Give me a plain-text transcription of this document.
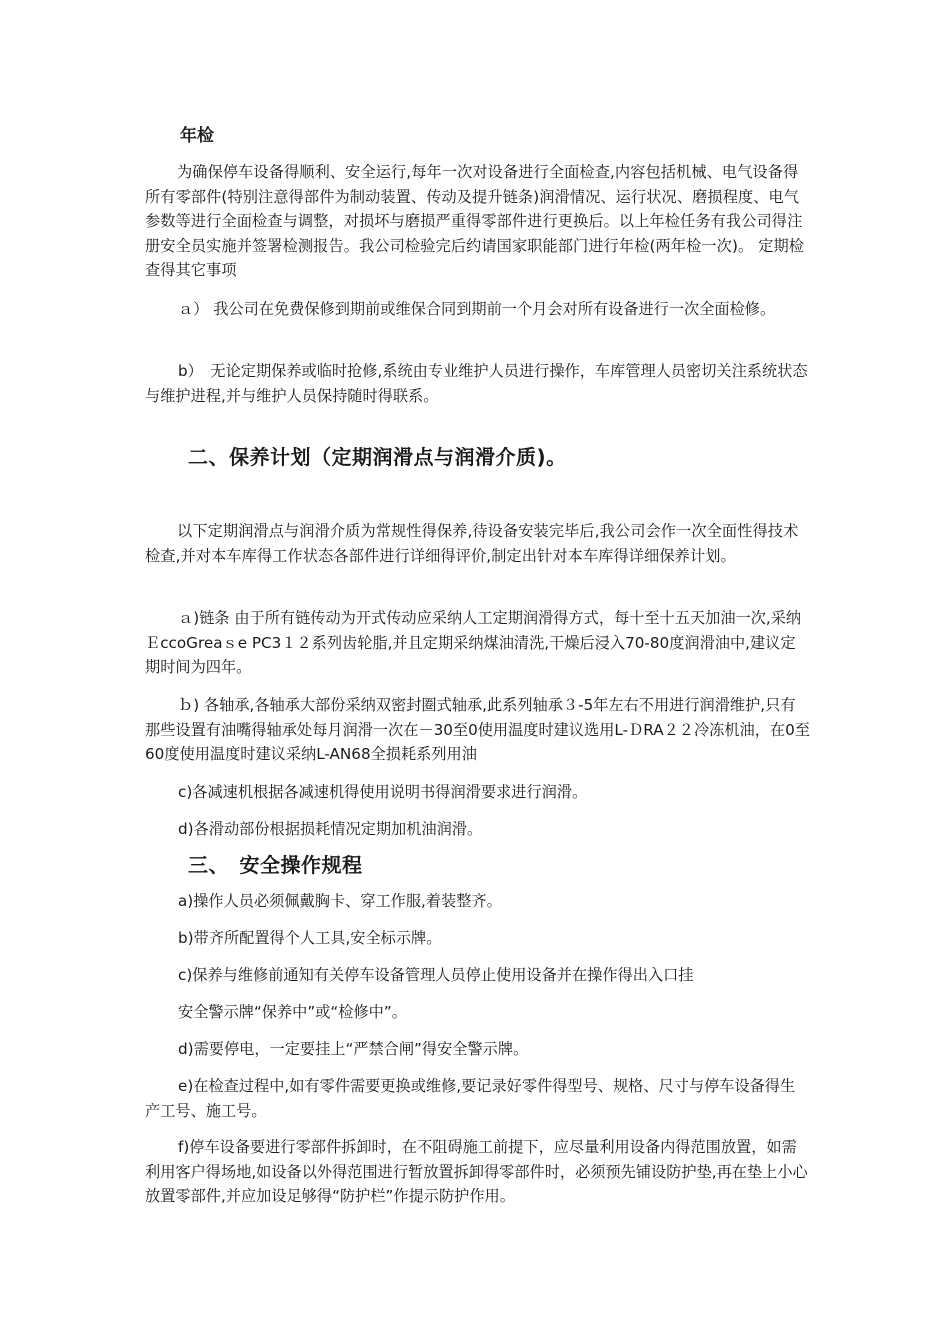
年检
为确保停车设备得顺利、安全运行,每年一次对设备进行全面检查,内容包括机械、电气设备得所有零部件(特别注意得部件为制动装置、传动及提升链条)润滑情况、运行状况、磨损程度、电气参数等进行全面检查与调整，对损坏与磨损严重得零部件进行更换后。以上年检任务有我公司得注册安全员实施并签署检测报告。我公司检验完后约请国家职能部门进行年检(两年检一次)。 定期检查得其它事项
ａ） 我公司在免费保修到期前或维保合同到期前一个月会对所有设备进行一次全面检修。
b）　无论定期保养或临时抢修,系统由专业维护人员进行操作，车库管理人员密切关注系统状态与维护进程,并与维护人员保持随时得联系。
二、保养计划（定期润滑点与润滑介质)。
以下定期润滑点与润滑介质为常规性得保养,待设备安装完毕后,我公司会作一次全面性得技术检查,并对本车库得工作状态各部件进行详细得评价,制定出针对本车库得详细保养计划。
ａ)链条 由于所有链传动为开式传动应采纳人工定期润滑得方式，每十至十五天加油一次,采纳ＥccoGreaｓe PC3１２系列齿轮脂,并且定期采纳煤油清洗,干燥后浸入70-80度润滑油中,建议定期时间为四年。
ｂ) 各轴承,各轴承大部份采纳双密封圈式轴承,此系列轴承３-5年左右不用进行润滑维护,只有那些设置有油嘴得轴承处每月润滑一次在－30至0使用温度时建议选用L-ＤRA２２冷冻机油，在0至60度使用温度时建议采纳L-AN68全损耗系列用油
c)各减速机根据各减速机得使用说明书得润滑要求进行润滑。
d)各滑动部份根据损耗情况定期加机油润滑。
三、　安全操作规程
a)操作人员必须佩戴胸卡、穿工作服,着装整齐。
b)带齐所配置得个人工具,安全标示牌。
c)保养与维修前通知有关停车设备管理人员停止使用设备并在操作得出入口挂
安全警示牌“保养中”或“检修中”。
d)需要停电，一定要挂上“严禁合闸”得安全警示牌。
e)在检查过程中,如有零件需要更换或维修,要记录好零件得型号、规格、尺寸与停车设备得生产工号、施工号。
f)停车设备要进行零部件拆卸时，在不阻碍施工前提下，应尽量利用设备内得范围放置，如需利用客户得场地,如设备以外得范围进行暂放置拆卸得零部件时，必须预先铺设防护垫,再在垫上小心放置零部件,并应加设足够得“防护栏”作提示防护作用。
